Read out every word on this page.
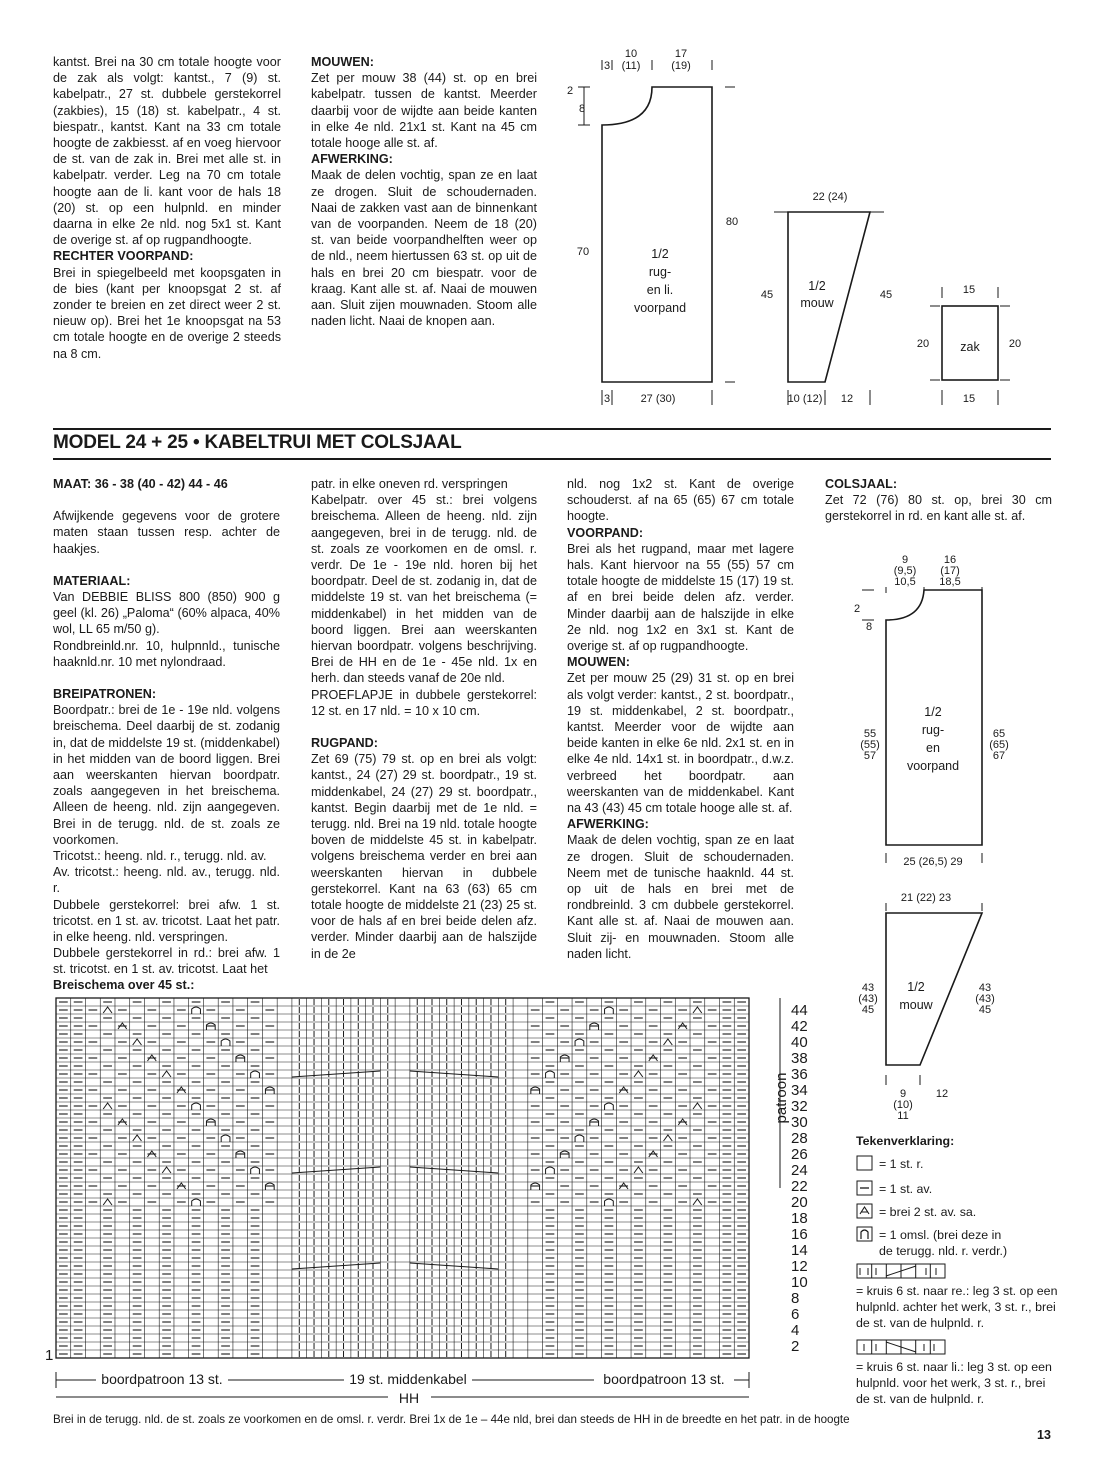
kantst. Brei na 30 cm totale hoogte voor de zak als volgt: kantst., 7 (9) st. kabelpatr., 27 st. dubbele gerstekorrel (zakbies), 15 (18) st. kabelpatr., 4 st. biespatr., kantst. Kant na 33 cm totale hoogte de zakbiesst. af en voeg hiervoor de st. van de zak in. Brei met alle st. in kabelpatr. verder. Leg na 70 cm totale hoogte aan de li. kant voor de hals 18 (20) st. op een hulpnld. en minder daarna in elke 2e nld. nog 5x1 st. Kant de overige st. af op rugpandhoogte.

RECHTER VOORPAND:

Brei in spiegelbeeld met koopsgaten in de bies (kant per knoopsgat 2 st. af zonder te breien en zet direct weer 2 st. nieuw op). Brei het 1e knoopsgat na 53 cm totale hoogte en de overige 2 steeds na 8 cm.

MOUWEN:

Zet per mouw 38 (44) st. op en brei kabelpatr. tussen de kantst. Meerder daarbij voor de wijdte aan beide kanten in elke 4e nld. 21x1 st. Kant na 45 cm totale hooge alle st. af.

AFWERKING:

Maak de delen vochtig, span ze en laat ze drogen. Sluit de schoudernaden. Naai de zakken vast aan de binnenkant van de voorpanden. Neem de 18 (20) st. van beide voorpandhelften weer op de nld., neem hiertussen 63 st. op uit de hals en brei 20 cm biespatr. voor de kraag. Kant alle st. af. Naai de mouwen aan. Sluit zijen mouwnaden. Stoom alle naden licht. Naai de knopen aan.

10
(11)
17
(19)
3
2
8
80
70	1/2
rug-
en li.
voorpand
3	27 (30)
22 (24)
45
1/2
mouw
45
10 (12) 12
15
20 zak	20
15
MODEL 24 + 25 • KABELTRUI MET COLSJAAL

MAAT: 36 - 38 (40 - 42) 44 - 46

Afwijkende gegevens voor de grotere maten staan tussen resp. achter de haakjes.

MATERIAAL:

Van DEBBIE BLISS 800 (850) 900 g geel (kl. 26) „Paloma“ (60% alpaca, 40% wol, LL 65 m/50 g).

Rondbreinld.nr. 10, hulpnnld., tunische haaknld.nr. 10 met nylondraad.

BREIPATRONEN:

Boordpatr.: brei de 1e - 19e nld. volgens breischema. Deel daarbij de st. zodanig in, dat de middelste 19 st. (middenkabel) in het midden van de boord liggen. Brei aan weerskanten hiervan boordpatr. zoals aangegeven in het breischema. Alleen de heeng. nld. zijn aangegeven. Brei in de terugg. nld. de st. zoals ze voorkomen.

Tricotst.: heeng. nld. r., terugg. nld. av.

Av. tricotst.: heeng. nld. av., terugg. nld. r.

Dubbele gerstekorrel: brei afw. 1 st. tricotst. en 1 st. av. tricotst. Laat het patr. in elke heeng. nld. verspringen.

Dubbele gerstekorrel in rd.: brei afw. 1 st. tricotst. en 1 st. av. tricotst. Laat het

patr. in elke oneven rd. verspringen

Kabelpatr. over 45 st.: brei volgens breischema. Alleen de heeng. nld. zijn aangegeven, brei in de terugg. nld. de st. zoals ze voorkomen en de omsl. r. verdr. De 1e - 19e nld. horen bij het boordpatr. Deel de st. zodanig in, dat de middelste 19 st. van het breischema (= middenkabel) in het midden van de boord liggen. Brei aan weerskanten hiervan boordpatr. volgens beschrijving. Brei de HH en de 1e - 45e nld. 1x en herh. dan steeds vanaf de 20e nld.

PROEFLAPJE in dubbele gerstekorrel: 12 st. en 17 nld. = 10 x 10 cm.

RUGPAND:

Zet 69 (75) 79 st. op en brei als volgt: kantst., 24 (27) 29 st. boordpatr., 19 st. middenkabel, 24 (27) 29 st. boordpatr., kantst. Begin daarbij met de 1e nld. = terugg. nld. Brei na 19 nld. totale hoogte boven de middelste 45 st. in kabelpatr. volgens breischema verder en brei aan weerskanten hiervan in dubbele gerstekorrel. Kant na 63 (63) 65 cm totale hoogte de middelste 21 (23) 25 st. voor de hals af en brei beide delen afz. verder. Minder daarbij aan de halszijde in de 2e

nld. nog 1x2 st. Kant de overige schouderst. af na 65 (65) 67 cm totale hoogte.

VOORPAND:

Brei als het rugpand, maar met lagere hals. Kant hiervoor na 55 (55) 57 cm totale hoogte de middelste 15 (17) 19 st. af en brei beide delen afz. verder. Minder daarbij aan de halszijde in elke 2e nld. nog 1x2 en 3x1 st. Kant de overige st. af op rugpandhoogte.

MOUWEN:

Zet per mouw 25 (29) 31 st. op en brei als volgt verder: kantst., 2 st. boordpatr., 19 st. middenkabel, 2 st. boordpatr., kantst. Meerder voor de wijdte aan beide kanten in elke 6e nld. 2x1 st. en in elke 4e nld. 14x1 st. in boordpatr., d.w.z. verbreed het boordpatr. aan weerskanten van de middenkabel. Kant na 43 (43) 45 cm totale hooge alle st. af.

AFWERKING:

Maak de delen vochtig, span ze en laat ze drogen. Sluit de schoudernaden. Neem met de tunische haaknld. 44 st. op uit de hals en brei met de rondbreinld. 3 cm dubbele gerstekorrel. Kant alle st. af. Naai de mouwen aan. Sluit zij- en mouwnaden. Stoom alle naden licht.

COLSJAAL:

Zet 72 (76) 80 st. op, brei 30 cm gerstekorrel in rd. en kant alle st. af.

9
(9,5)
10,5
16
(17)
18,5
2
8
55
(55)
57
1/2
rug-
en
voorpand
65
(65)
67
25 (26,5) 29
21 (22) 23
43
(43)
45
1/2
mouw
43
(43)
45
9
(10)
11
12
Breischema over 45 st.:
44
42
40
38
36
34
32
30
28
26
24
22
20
18
16
14
12
10
8
6
4
2
1
patroon
boordpatroon 13 st.	19 st. middenkabel	boordpatroon 13 st.
HH
Brei in de terugg. nld. de st. zoals ze voorkomen en de omsl. r. verdr. Brei 1x de 1e – 44e nld, brei dan steeds de HH in de breedte en het patr. in de hoogte
Tekenverklaring:
= 1 st. r.
= 1 st. av.
= brei 2 st. av. sa.
= 1 omsl. (brei deze in
de terugg. nld. r. verdr.)
= kruis 6 st. naar re.: leg 3 st. op een hulpnld. achter het werk, 3 st. r., brei de st. van de hulpnld. r.
= kruis 6 st. naar li.: leg 3 st. op een hulpnld. voor het werk, 3 st. r., brei de st. van de hulpnld. r.
13
